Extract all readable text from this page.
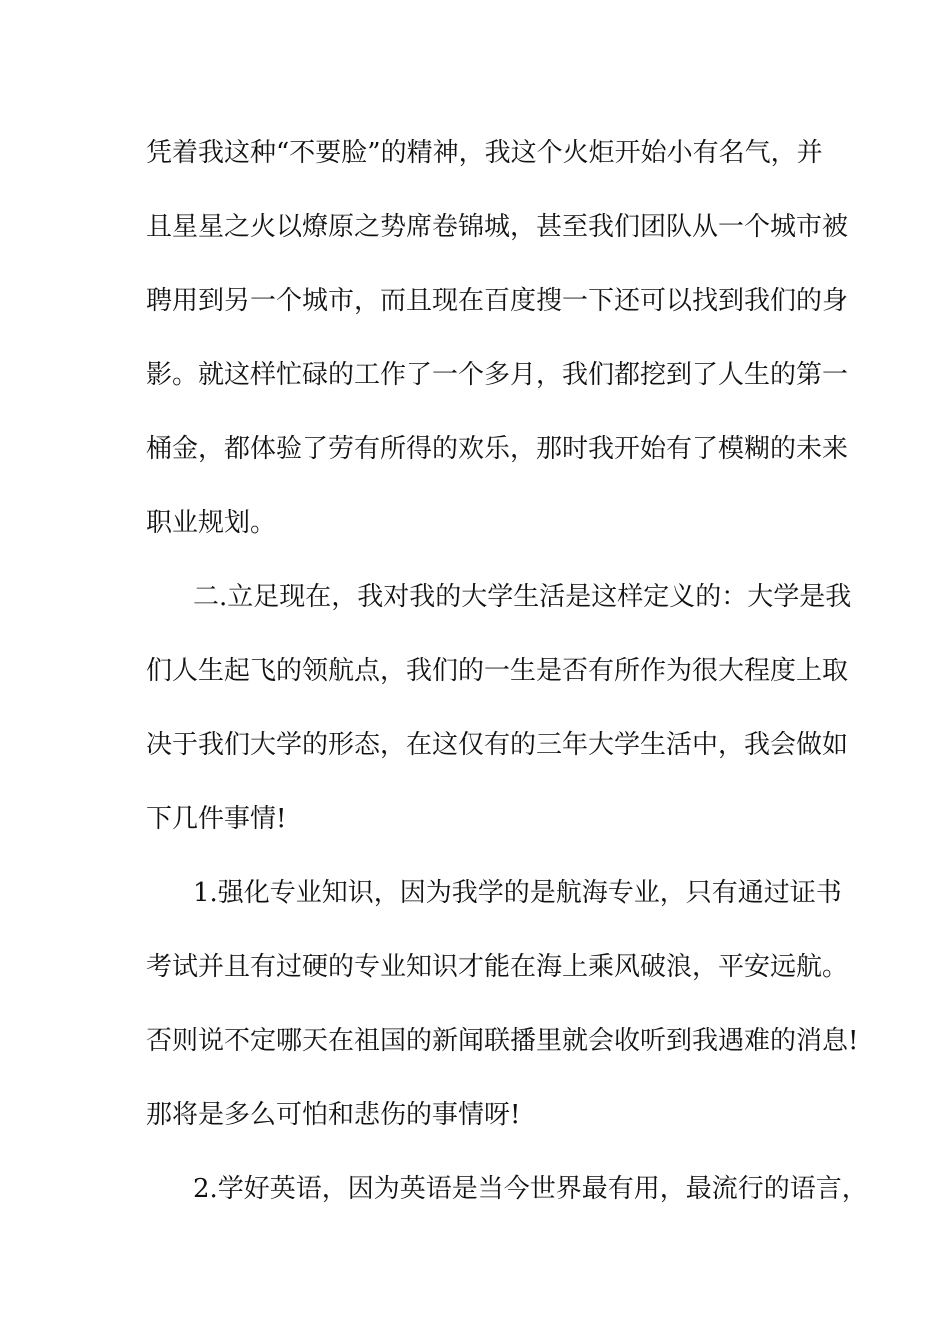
凭着我这种“不要脸”的精神，我这个火炬开始小有名气，并
且星星之火以燎原之势席卷锦城，甚至我们团队从一个城市被
聘用到另一个城市，而且现在百度搜一下还可以找到我们的身
影。就这样忙碌的工作了一个多月，我们都挖到了人生的第一
桶金，都体验了劳有所得的欢乐，那时我开始有了模糊的未来
职业规划。
二.立足现在，我对我的大学生活是这样定义的：大学是我
们人生起飞的领航点，我们的一生是否有所作为很大程度上取
决于我们大学的形态，在这仅有的三年大学生活中，我会做如
下几件事情!
1.强化专业知识，因为我学的是航海专业，只有通过证书
考试并且有过硬的专业知识才能在海上乘风破浪，平安远航。
否则说不定哪天在祖国的新闻联播里就会收听到我遇难的消息!
那将是多么可怕和悲伤的事情呀!
2.学好英语，因为英语是当今世界最有用，最流行的语言，
